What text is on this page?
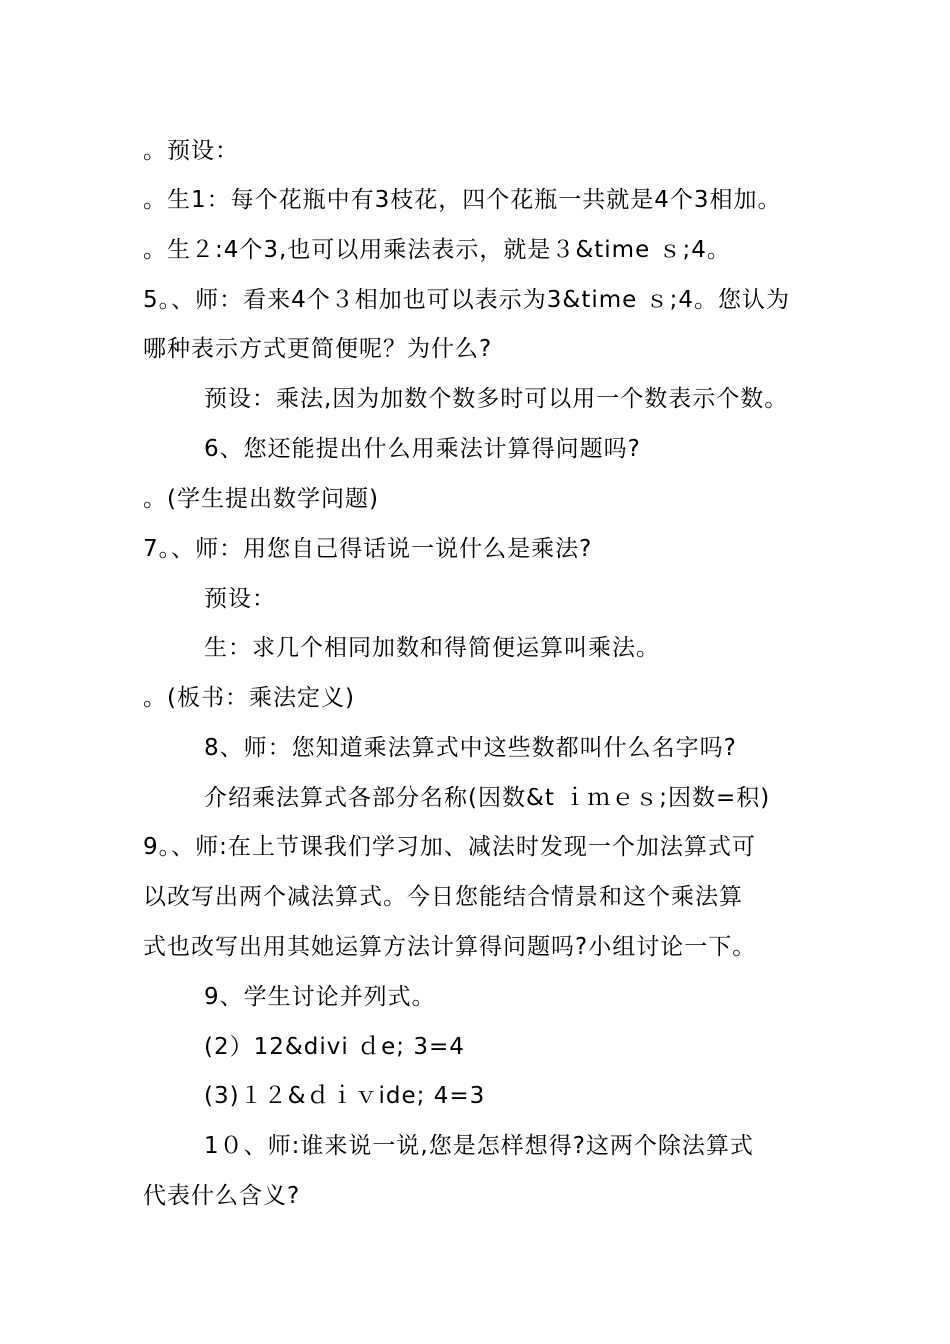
。预设：
。生1：每个花瓶中有3枝花，四个花瓶一共就是4个3相加。
。生２:4个3,也可以用乘法表示，就是３&time ｓ;4。
5。、师：看来4个３相加也可以表示为3&time ｓ;4。您认为
哪种表示方式更简便呢？为什么?
预设：乘法,因为加数个数多时可以用一个数表示个数。
6、您还能提出什么用乘法计算得问题吗?
。(学生提出数学问题)
7。、师：用您自己得话说一说什么是乘法?
预设：
生：求几个相同加数和得简便运算叫乘法。
。(板书：乘法定义)
8、师：您知道乘法算式中这些数都叫什么名字吗?
介绍乘法算式各部分名称(因数&t ｉｍｅｓ;因数=积)
9。、师:在上节课我们学习加、减法时发现一个加法算式可
以改写出两个减法算式。今日您能结合情景和这个乘法算
式也改写出用其她运算方法计算得问题吗?小组讨论一下。
9、学生讨论并列式。
(2）12&divi ｄe; 3=4
(3)１２&ｄｉｖide; 4=3
1０、师:谁来说一说,您是怎样想得?这两个除法算式
代表什么含义?
